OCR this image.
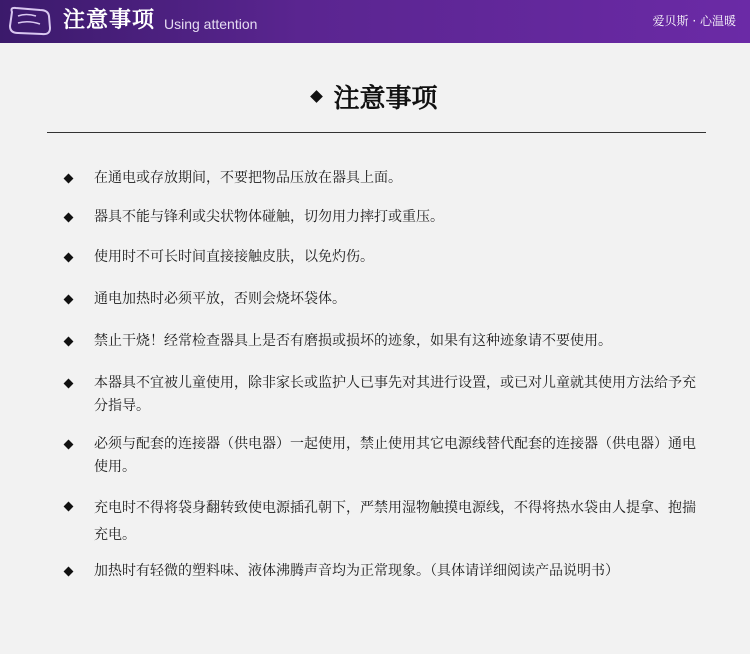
注意事项 Using attention	爱贝斯 · 心温暖
注意事项
在通电或存放期间，不要把物品压放在器具上面。
器具不能与锋利或尖状物体碰触，切勿用力摔打或重压。
使用时不可长时间直接接触皮肤，以免灼伤。
通电加热时必须平放，否则会烧坏袋体。
禁止干烧！经常检查器具上是否有磨损或损坏的迹象，如果有这种迹象请不要使用。
本器具不宜被儿童使用，除非家长或监护人已事先对其进行设置，或已对儿童就其使用方法给予充分指导。
必须与配套的连接器（供电器）一起使用，禁止使用其它电源线替代配套的连接器（供电器）通电使用。
充电时不得将袋身翻转致使电源插孔朝下，严禁用湿物触摸电源线，不得将热水袋由人提拿、抱揣充电。
加热时有轻微的塑料味、液体沸腾声音均为正常现象。（具体请详细阅读产品说明书）
